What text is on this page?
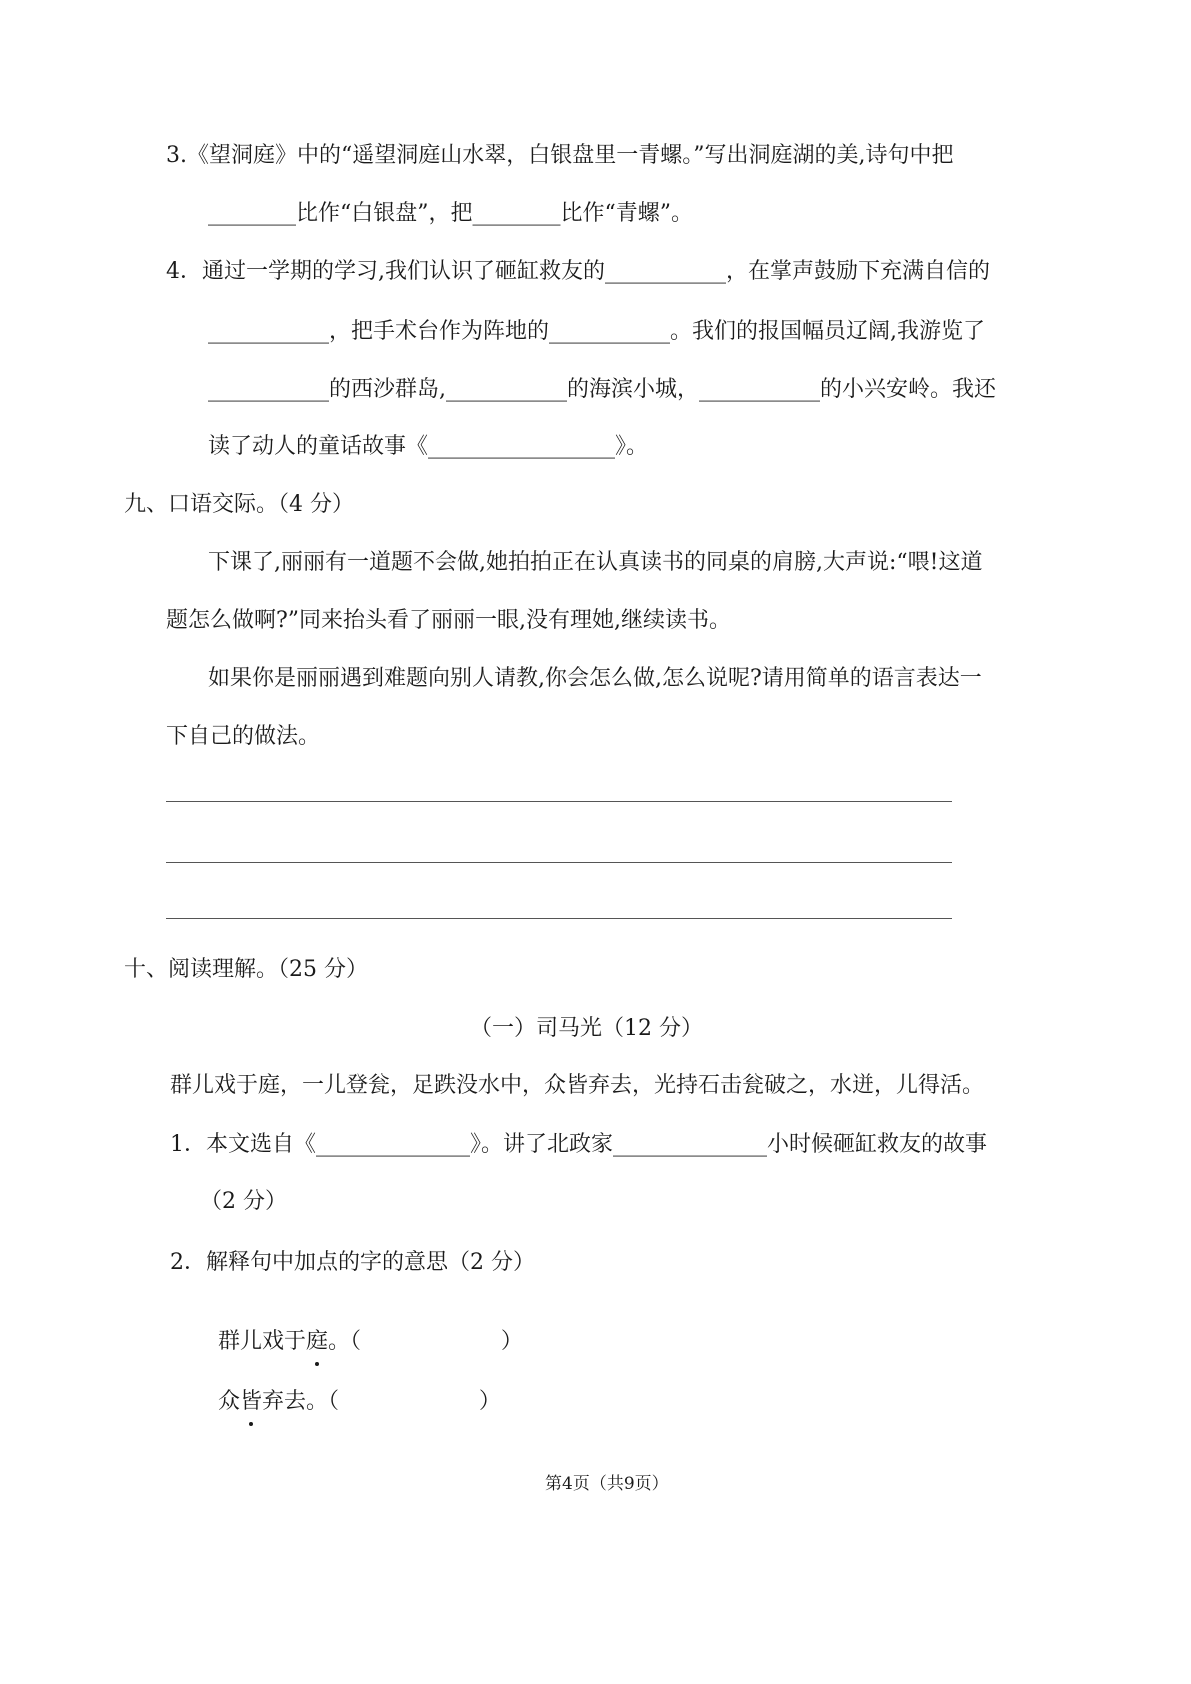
3.《望洞庭》中的“遥望洞庭山水翠，白银盘里一青螺。”写出洞庭湖的美,诗句中把
________比作“白银盘”，把________比作“青螺”。
4．通过一学期的学习,我们认识了砸缸救友的___________，在掌声鼓励下充满自信的
___________，把手术台作为阵地的___________。我们的报国幅员辽阔,我游览了
___________的西沙群岛,___________的海滨小城，___________的小兴安岭。我还
读了动人的童话故事《_________________》。
九、口语交际。（4 分）
下课了,丽丽有一道题不会做,她拍拍正在认真读书的同桌的肩膀,大声说:“喂!这道
题怎么做啊?”同来抬头看了丽丽一眼,没有理她,继续读书。
如果你是丽丽遇到难题向别人请教,你会怎么做,怎么说呢?请用简单的语言表达一
下自己的做法。
十、阅读理解。（25 分）
（一）司马光（12 分）
群儿戏于庭，一儿登瓮，足跌没水中，众皆弃去，光持石击瓮破之，水迸，儿得活。
1．本文选自《______________》。讲了北政家______________小时候砸缸救友的故事
（2 分）
2．解释句中加点的字的意思（2 分）

群儿戏于庭。（                    ）

众皆弃去。（                    ）

第4页（共9页）
